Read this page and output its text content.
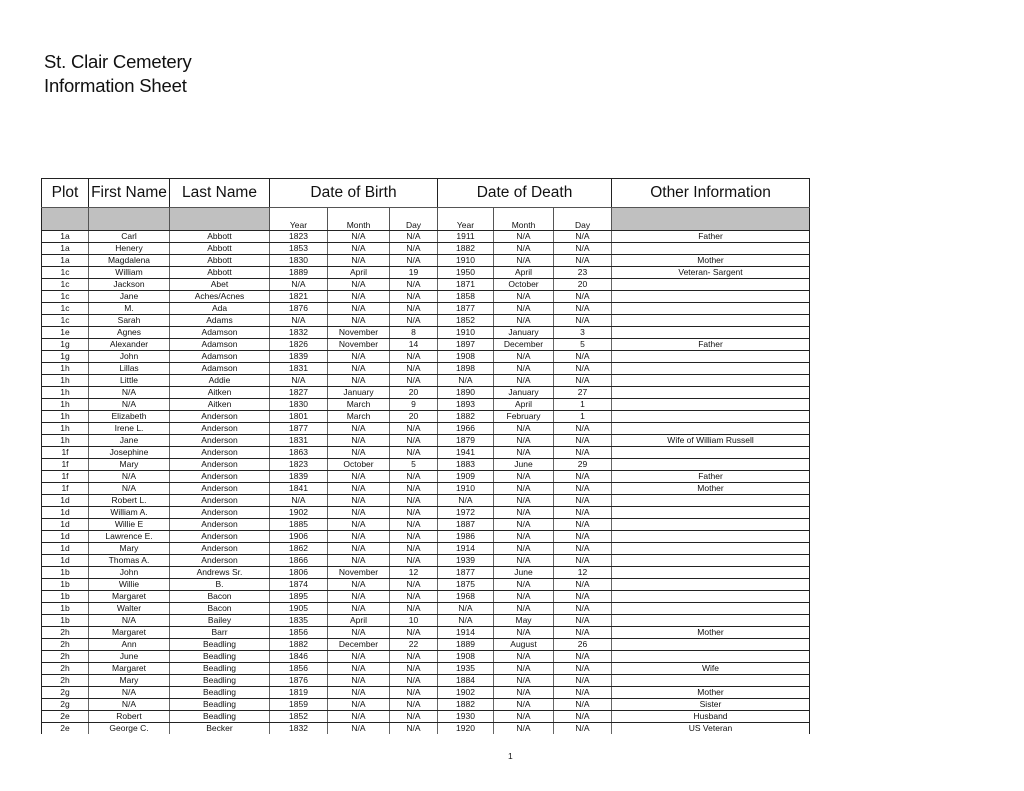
St. Clair Cemetery
Information Sheet
Plot	First Name	Last Name	Date of Birth			Date of Death			Other Information
			Year	Month	Day	Year	Month	Day	
1a	Carl	Abbott	1823	N/A	N/A	1911	N/A	N/A	Father
1a	Henery	Abbott	1853	N/A	N/A	1882	N/A	N/A	
1a	Magdalena	Abbott	1830	N/A	N/A	1910	N/A	N/A	Mother
1c	William	Abbott	1889	April	19	1950	April	23	Veteran- Sargent
1c	Jackson	Abet	N/A	N/A	N/A	1871	October	20	
1c	Jane	Aches/Acnes	1821	N/A	N/A	1858	N/A	N/A	
1c	M.	Ada	1876	N/A	N/A	1877	N/A	N/A	
1c	Sarah	Adams	N/A	N/A	N/A	1852	N/A	N/A	
1e	Agnes	Adamson	1832	November	8	1910	January	3	
1g	Alexander	Adamson	1826	November	14	1897	December	5	Father
1g	John	Adamson	1839	N/A	N/A	1908	N/A	N/A	
1h	Lillas	Adamson	1831	N/A	N/A	1898	N/A	N/A	
1h	Little	Addie	N/A	N/A	N/A	N/A	N/A	N/A	
1h	N/A	Aitken	1827	January	20	1890	January	27	
1h	N/A	Aitken	1830	March	9	1893	April	1	
1h	Elizabeth	Anderson	1801	March	20	1882	February	1	
1h	Irene L.	Anderson	1877	N/A	N/A	1966	N/A	N/A	
1h	Jane	Anderson	1831	N/A	N/A	1879	N/A	N/A	Wife of William Russell
1f	Josephine	Anderson	1863	N/A	N/A	1941	N/A	N/A	
1f	Mary	Anderson	1823	October	5	1883	June	29	
1f	N/A	Anderson	1839	N/A	N/A	1909	N/A	N/A	Father
1f	N/A	Anderson	1841	N/A	N/A	1910	N/A	N/A	Mother
1d	Robert L.	Anderson	N/A	N/A	N/A	N/A	N/A	N/A	
1d	William A.	Anderson	1902	N/A	N/A	1972	N/A	N/A	
1d	Willie E	Anderson	1885	N/A	N/A	1887	N/A	N/A	
1d	Lawrence E.	Anderson	1906	N/A	N/A	1986	N/A	N/A	
1d	Mary	Anderson	1862	N/A	N/A	1914	N/A	N/A	
1d	Thomas A.	Anderson	1866	N/A	N/A	1939	N/A	N/A	
1b	John	Andrews Sr.	1806	November	12	1877	June	12	
1b	Willie	B.	1874	N/A	N/A	1875	N/A	N/A	
1b	Margaret	Bacon	1895	N/A	N/A	1968	N/A	N/A	
1b	Walter	Bacon	1905	N/A	N/A	N/A	N/A	N/A	
1b	N/A	Bailey	1835	April	10	N/A	May	N/A	
2h	Margaret	Barr	1856	N/A	N/A	1914	N/A	N/A	Mother
2h	Ann	Beadling	1882	December	22	1889	August	26	
2h	June	Beadling	1846	N/A	N/A	1908	N/A	N/A	
2h	Margaret	Beadling	1856	N/A	N/A	1935	N/A	N/A	Wife
2h	Mary	Beadling	1876	N/A	N/A	1884	N/A	N/A	
2g	N/A	Beadling	1819	N/A	N/A	1902	N/A	N/A	Mother
2g	N/A	Beadling	1859	N/A	N/A	1882	N/A	N/A	Sister
2e	Robert	Beadling	1852	N/A	N/A	1930	N/A	N/A	Husband
2e	George C.	Becker	1832	N/A	N/A	1920	N/A	N/A	US Veteran
1
